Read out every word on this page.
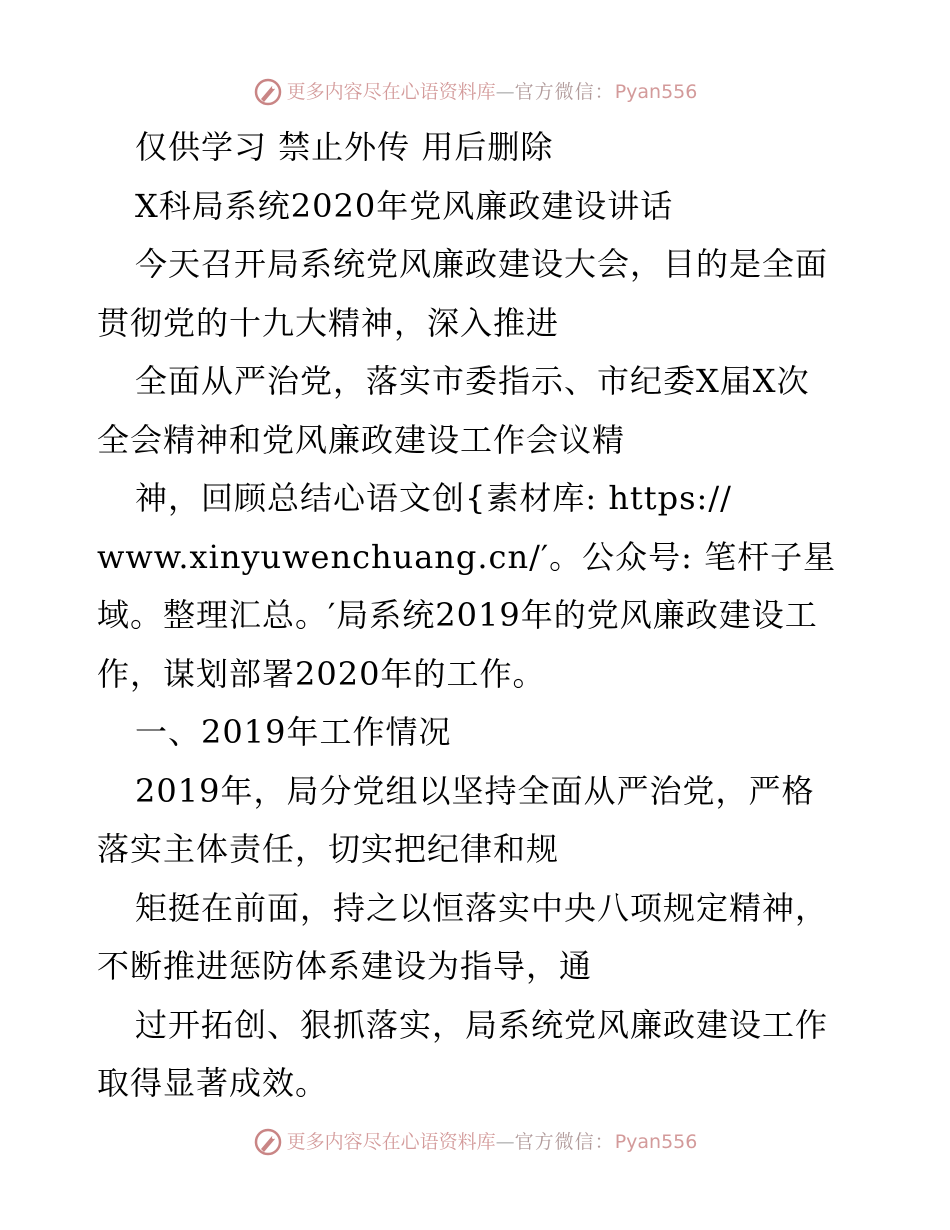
更多内容尽在心语资料库 — 官方微信： Pyan556

仅供学习 禁止外传 用后删除

X科局系统2020年党风廉政建设讲话

今天召开局系统党风廉政建设大会，目的是全面

贯彻党的十九大精神，深入推进

全面从严治党，落实市委指示、市纪委X届X次

全会精神和党风廉政建设工作会议精

神，回顾总结心语文创{素材库: https://

www.xinyuwenchuang.cn/′。公众号: 笔杆子星

域。整理汇总。′局系统2019年的党风廉政建设工

作，谋划部署2020年的工作。

一、2019年工作情况

2019年，局分党组以坚持全面从严治党，严格

落实主体责任，切实把纪律和规

矩挺在前面，持之以恒落实中央八项规定精神，

不断推进惩防体系建设为指导，通

过开拓创、狠抓落实，局系统党风廉政建设工作

取得显著成效。

更多内容尽在心语资料库 — 官方微信： Pyan556
